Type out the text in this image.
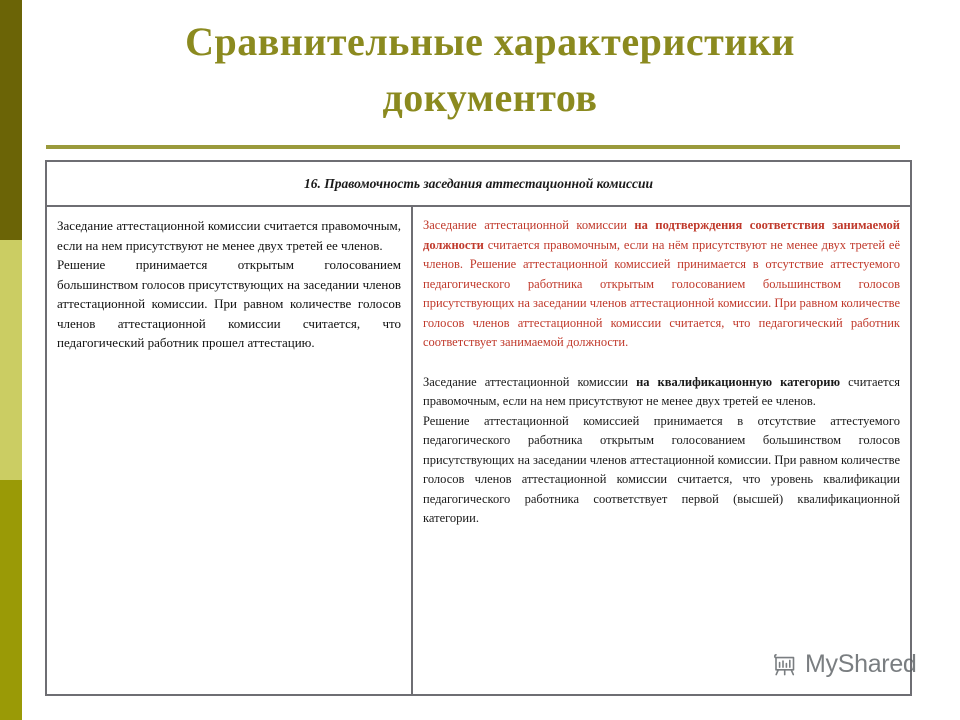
Сравнительные характеристики
документов
16. Правомочность заседания аттестационной комиссии

Заседание аттестационной комиссии считается правомочным, если на нем присутствуют не менее двух третей ее членов.

Решение принимается открытым голосованием большинством голосов присутствующих на заседании членов аттестационной комиссии. При равном количестве голосов членов аттестационной комиссии считается, что педагогический работник прошел аттестацию.

Заседание аттестационной комиссии на подтверждения соответствия занимаемой должности считается правомочным, если на нём присутствуют не менее двух третей её членов. Решение аттестационной комиссией принимается в отсутствие аттестуемого педагогического работника открытым голосованием большинством голосов присутствующих на заседании членов аттестационной комиссии. При равном количестве голосов членов аттестационной комиссии считается, что педагогический работник соответствует занимаемой должности.

Заседание аттестационной комиссии на квалификационную категорию считается правомочным, если на нем присутствуют не менее двух третей ее членов.

Решение аттестационной комиссией принимается в отсутствие аттестуемого педагогического работника открытым голосованием большинством голосов присутствующих на заседании членов аттестационной комиссии. При равном количестве голосов членов аттестационной комиссии считается, что уровень квалификации педагогического работника соответствует первой (высшей) квалификационной категории.

MyShared
